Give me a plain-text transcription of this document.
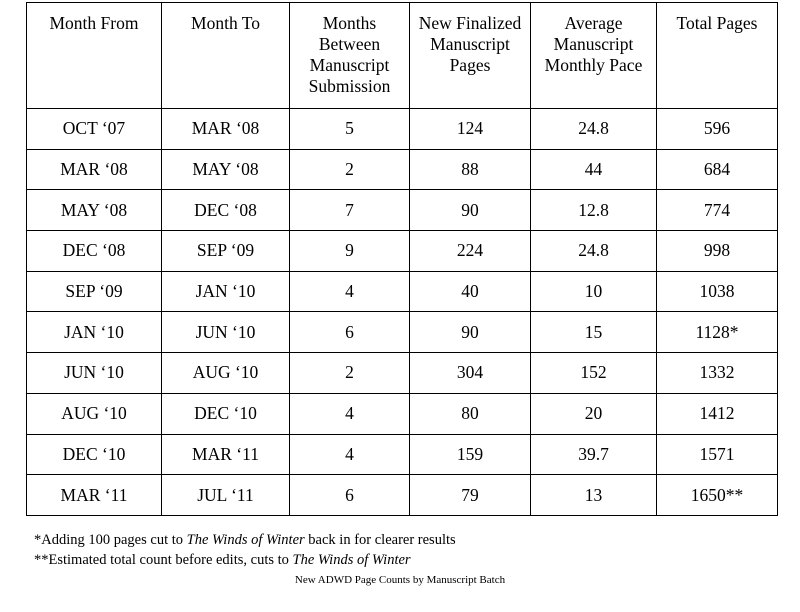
Month From	Month To	Months Between Manuscript Submission	New Finalized Manuscript Pages	Average Manuscript Monthly Pace	Total Pages
OCT ‘07	MAR ‘08	5	124	24.8	596
MAR ‘08	MAY ‘08	2	88	44	684
MAY ‘08	DEC ‘08	7	90	12.8	774
DEC ‘08	SEP ‘09	9	224	24.8	998
SEP ‘09	JAN ‘10	4	40	10	1038
JAN ‘10	JUN ‘10	6	90	15	1128*
JUN ‘10	AUG ‘10	2	304	152	1332
AUG ‘10	DEC ‘10	4	80	20	1412
DEC ‘10	MAR ‘11	4	159	39.7	1571
MAR ‘11	JUL ‘11	6	79	13	1650**
*Adding 100 pages cut to The Winds of Winter back in for clearer results
**Estimated total count before edits, cuts to The Winds of Winter
New ADWD Page Counts by Manuscript Batch
